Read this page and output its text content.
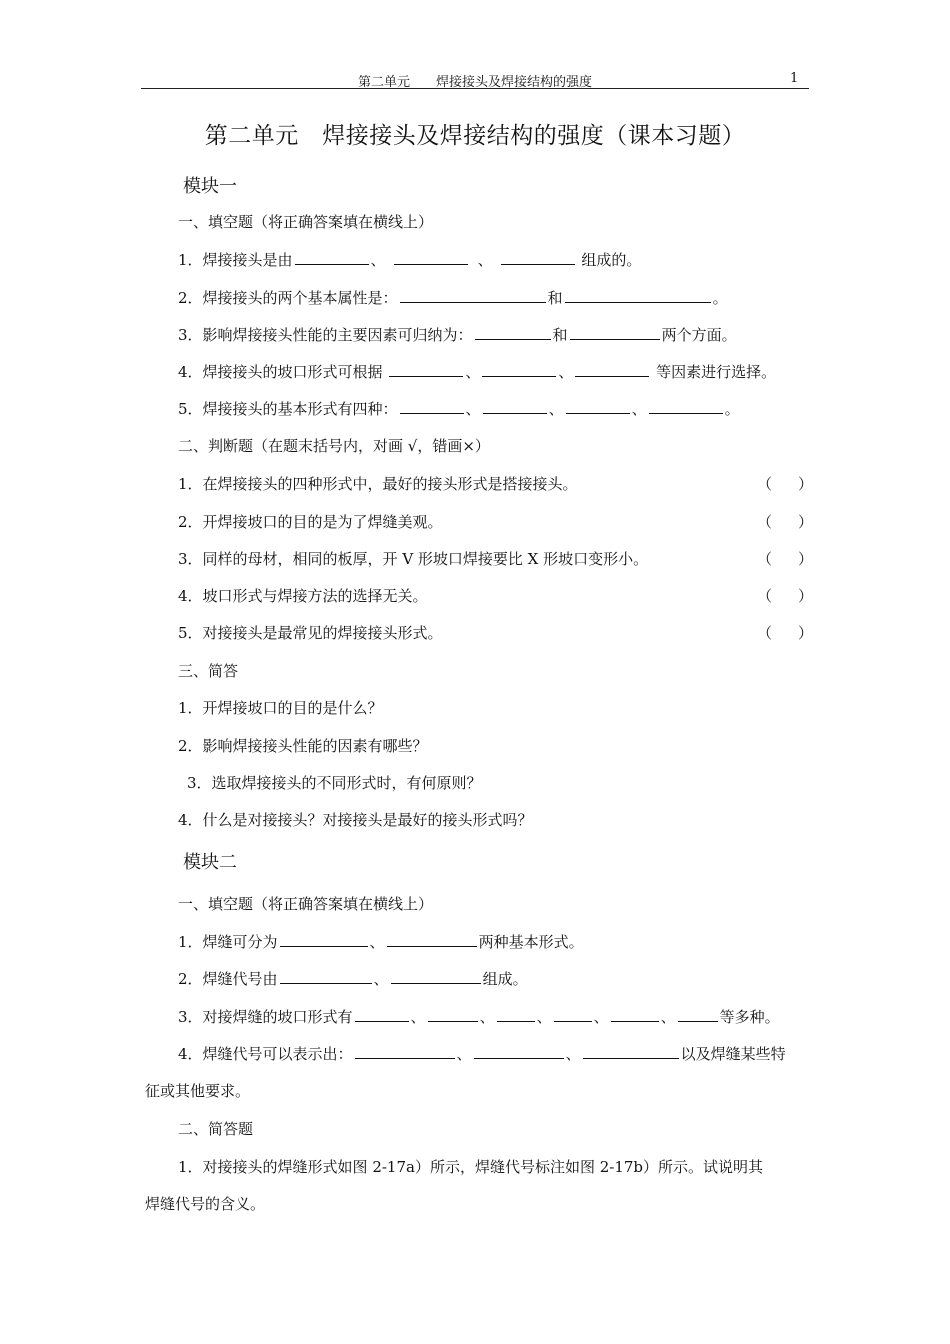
第二单元　　焊接接头及焊接结构的强度	1
第二单元　焊接接头及焊接结构的强度（课本习题）
模块一
一、填空题（将正确答案填在横线上）
1．焊接接头是由	、	、	组成的。
2．焊接接头的两个基本属性是：	和	。
3．影响焊接接头性能的主要因素可归纳为：	和	两个方面。
4．焊接接头的坡口形式可根据	、	、	等因素进行选择。
5．焊接接头的基本形式有四种：	、	、	、	。
二、判断题（在题末括号内，对画 √，错画×）
1．在焊接接头的四种形式中，最好的接头形式是搭接接头。	（ ）
2．开焊接坡口的目的是为了焊缝美观。	（ ）
3．同样的母材，相同的板厚，开 V 形坡口焊接要比 X 形坡口变形小。	（ ）
4．坡口形式与焊接方法的选择无关。	（ ）
5．对接接头是最常见的焊接接头形式。	（ ）
三、简答
1．开焊接坡口的目的是什么？
2．影响焊接接头性能的因素有哪些？
3．选取焊接接头的不同形式时，有何原则？
4．什么是对接接头？对接接头是最好的接头形式吗？
模块二
一、填空题（将正确答案填在横线上）
1．焊缝可分为	、	两种基本形式。
2．焊缝代号由	、	组成。
3．对接焊缝的坡口形式有	、	、	、	、	、	等多种。
4．焊缝代号可以表示出：	、	、	以及焊缝某些特
征或其他要求。
二、简答题
1．对接接头的焊缝形式如图 2-17a）所示，焊缝代号标注如图 2-17b）所示。试说明其
焊缝代号的含义。
